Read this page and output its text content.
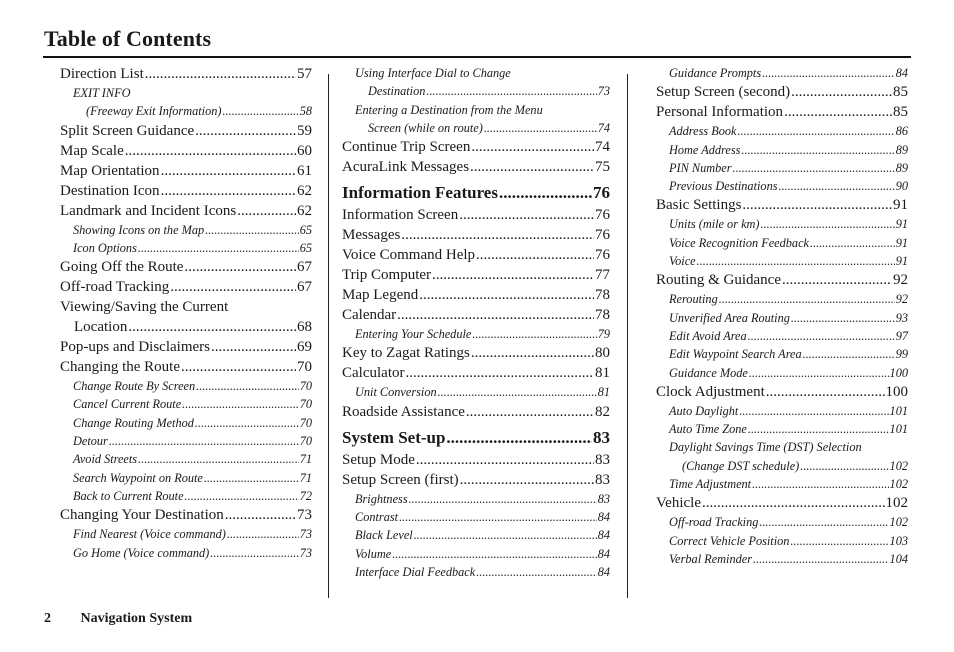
Table of Contents
Direction List .....	57
EXIT INFO
(Freeway Exit Information) .....	58
Split Screen Guidance .....	59
Map Scale .....	60
Map Orientation .....	61
Destination Icon .....	62
Landmark and Incident Icons .....	62
Showing Icons on the Map .....	65
Icon Options .....	65
Going Off the Route .....	67
Off-road Tracking .....	67
Viewing/Saving the Current
Location .....	68
Pop-ups and Disclaimers .....	69
Changing the Route .....	70
Change Route By Screen .....	70
Cancel Current Route .....	70
Change Routing Method .....	70
Detour .....	70
Avoid Streets .....	71
Search Waypoint on Route .....	71
Back to Current Route .....	72
Changing Your Destination .....	73
Find Nearest (Voice command) .....	73
Go Home (Voice command) .....	73
Using Interface Dial to Change
Destination .....	73
Entering a Destination from the Menu
Screen (while on route) .....	74
Continue Trip Screen .....	74
AcuraLink Messages .....	75
Information Features .....	76
Information Screen .....	76
Messages .....	76
Voice Command Help .....	76
Trip Computer .....	77
Map Legend .....	78
Calendar .....	78
Entering Your Schedule .....	79
Key to Zagat Ratings .....	80
Calculator .....	81
Unit Conversion .....	81
Roadside Assistance .....	82
System Set-up .....	83
Setup Mode .....	83
Setup Screen (first) .....	83
Brightness .....	83
Contrast .....	84
Black Level .....	84
Volume .....	84
Interface Dial Feedback .....	84
Guidance Prompts .....	84
Setup Screen (second) .....	85
Personal Information .....	85
Address Book .....	86
Home Address .....	89
PIN Number .....	89
Previous Destinations .....	90
Basic Settings .....	91
Units (mile or km) .....	91
Voice Recognition Feedback .....	91
Voice .....	91
Routing & Guidance .....	92
Rerouting .....	92
Unverified Area Routing .....	93
Edit Avoid Area .....	97
Edit Waypoint Search Area .....	99
Guidance Mode .....	100
Clock Adjustment .....	100
Auto Daylight .....	101
Auto Time Zone .....	101
Daylight Savings Time (DST) Selection
(Change DST schedule) .....	102
Time Adjustment .....	102
Vehicle .....	102
Off-road Tracking .....	102
Correct Vehicle Position .....	103
Verbal Reminder .....	104
2 Navigation System
